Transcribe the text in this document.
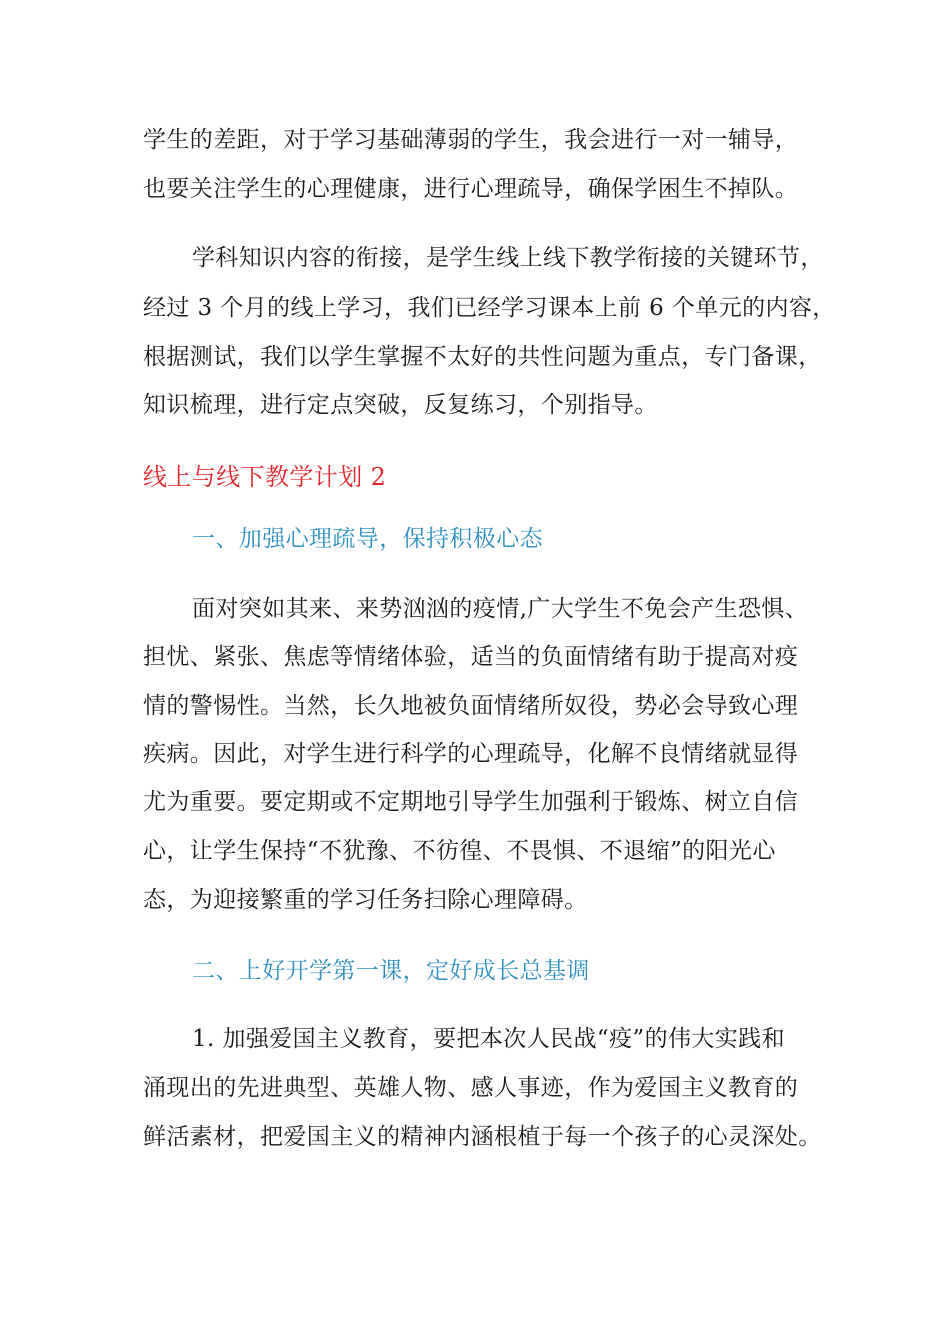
学生的差距，对于学习基础薄弱的学生，我会进行一对一辅导，
也要关注学生的心理健康，进行心理疏导，确保学困生不掉队。
学科知识内容的衔接，是学生线上线下教学衔接的关键环节，
经过 3 个月的线上学习，我们已经学习课本上前 6 个单元的内容，
根据测试，我们以学生掌握不太好的共性问题为重点，专门备课，
知识梳理，进行定点突破，反复练习，个别指导。
线上与线下教学计划 2
一、加强心理疏导，保持积极心态
面对突如其来、来势汹汹的疫情,广大学生不免会产生恐惧、
担忧、紧张、焦虑等情绪体验，适当的负面情绪有助于提高对疫
情的警惕性。当然，长久地被负面情绪所奴役，势必会导致心理
疾病。因此，对学生进行科学的心理疏导，化解不良情绪就显得
尤为重要。要定期或不定期地引导学生加强利于锻炼、树立自信
心，让学生保持“不犹豫、不彷徨、不畏惧、不退缩”的阳光心
态，为迎接繁重的学习任务扫除心理障碍。
二、上好开学第一课，定好成长总基调
1. 加强爱国主义教育，要把本次人民战“疫”的伟大实践和
涌现出的先进典型、英雄人物、感人事迹，作为爱国主义教育的
鲜活素材，把爱国主义的精神内涵根植于每一个孩子的心灵深处。
